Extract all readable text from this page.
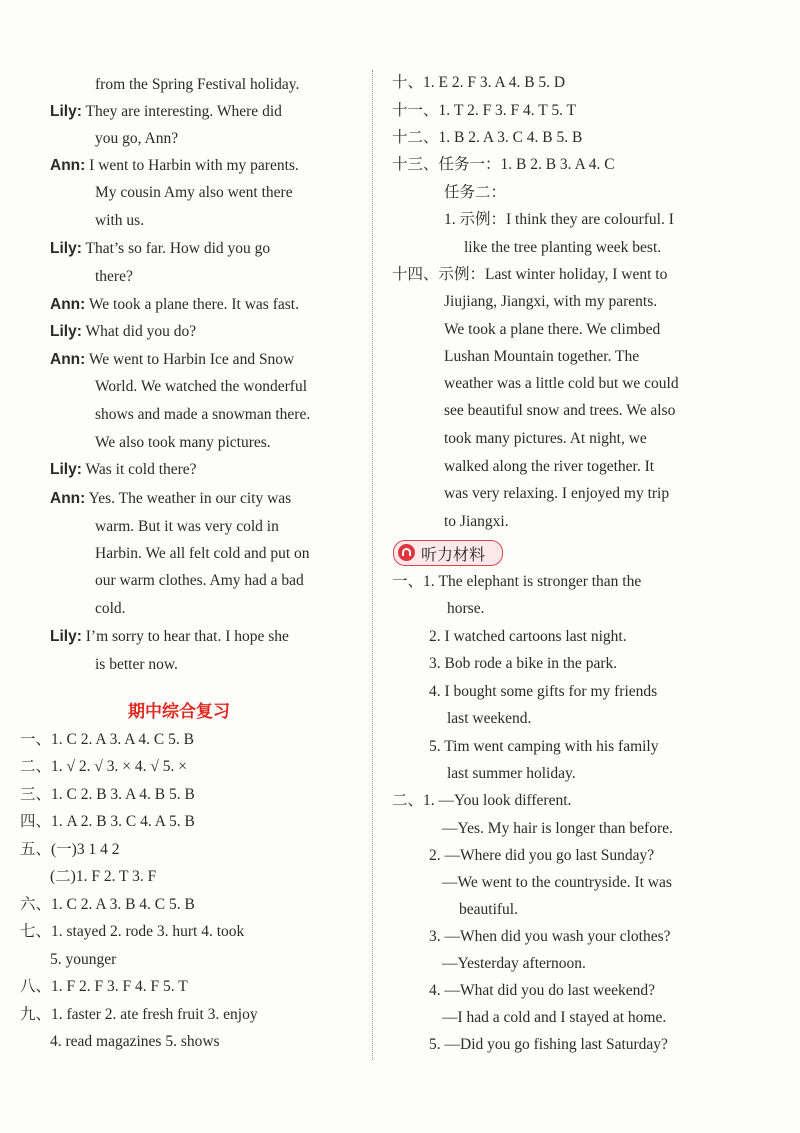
期中综合复习
听力材料
from the Spring Festival holiday.
Lily: They are interesting. Where did
you go, Ann?
Ann: I went to Harbin with my parents.
My cousin Amy also went there
with us.
Lily: That’s so far. How did you go
there?
Ann: We took a plane there. It was fast.
Lily: What did you do?
Ann: We went to Harbin Ice and Snow
World. We watched the wonderful
shows and made a snowman there.
We also took many pictures.
Lily: Was it cold there?
Ann: Yes. The weather in our city was
warm. But it was very cold in
Harbin. We all felt cold and put on
our warm clothes. Amy had a bad
cold.
Lily: I’m sorry to hear that. I hope she
is better now.
一、1. C 2. A 3. A 4. C 5. B
二、1. √ 2. √ 3. × 4. √ 5. ×
三、1. C 2. B 3. A 4. B 5. B
四、1. A 2. B 3. C 4. A 5. B
五、(一)3 1 4 2
(二)1. F 2. T 3. F
六、1. C 2. A 3. B 4. C 5. B
七、1. stayed 2. rode 3. hurt 4. took
5. younger
八、1. F 2. F 3. F 4. F 5. T
九、1. faster 2. ate fresh fruit 3. enjoy
4. read magazines 5. shows
十、1. E 2. F 3. A 4. B 5. D
十一、1. T 2. F 3. F 4. T 5. T
十二、1. B 2. A 3. C 4. B 5. B
十三、任务一：1. B 2. B 3. A 4. C
任务二：
1. 示例：I think they are colourful. I
like the tree planting week best.
十四、示例：Last winter holiday, I went to
Jiujiang, Jiangxi, with my parents.
We took a plane there. We climbed
Lushan Mountain together. The
weather was a little cold but we could
see beautiful snow and trees. We also
took many pictures. At night, we
walked along the river together. It
was very relaxing. I enjoyed my trip
to Jiangxi.
一、1. The elephant is stronger than the
horse.
2. I watched cartoons last night.
3. Bob rode a bike in the park.
4. I bought some gifts for my friends
last weekend.
5. Tim went camping with his family
last summer holiday.
二、1. —You look different.
—Yes. My hair is longer than before.
2. —Where did you go last Sunday?
—We went to the countryside. It was
beautiful.
3. —When did you wash your clothes?
—Yesterday afternoon.
4. —What did you do last weekend?
—I had a cold and I stayed at home.
5. —Did you go fishing last Saturday?
